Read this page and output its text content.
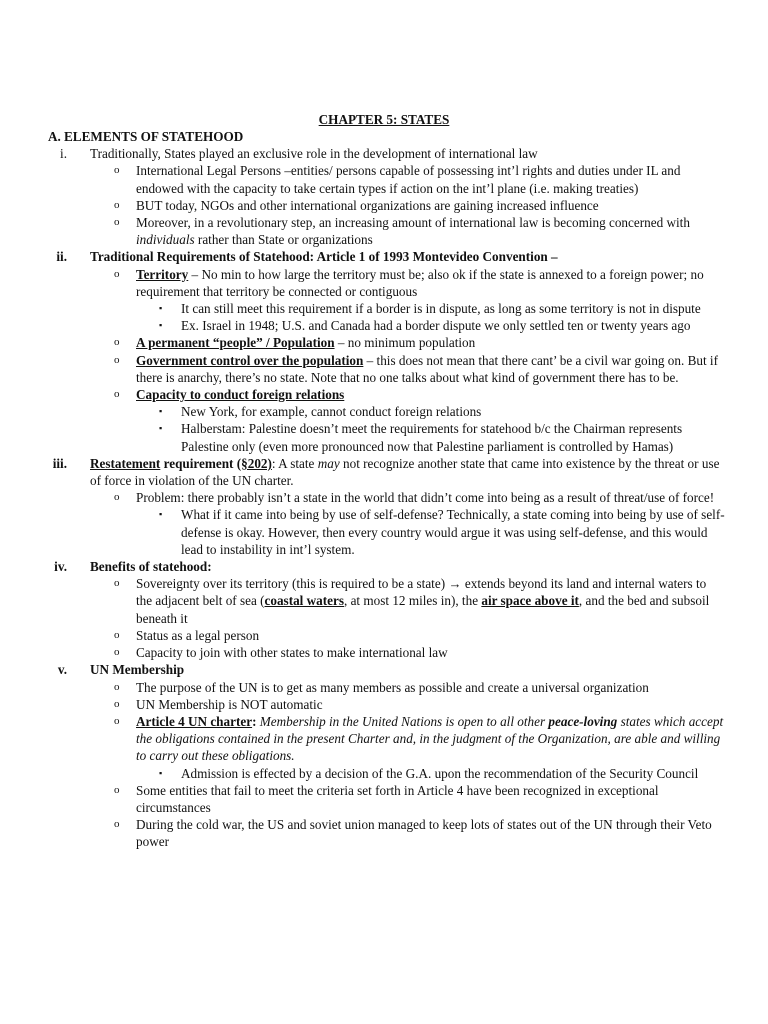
CHAPTER 5: STATES
A. ELEMENTS OF STATEHOOD
i.	Traditionally, States played an exclusive role in the development of international law
o	International Legal Persons –entities/ persons capable of possessing int’l rights and duties under IL and endowed with the capacity to take certain types if action on the int’l plane (i.e. making treaties)
o	BUT today, NGOs and other international organizations are gaining increased influence
o	Moreover, in a revolutionary step, an increasing amount of international law is becoming concerned with individuals rather than State or organizations
ii.	Traditional Requirements of Statehood: Article 1 of 1993 Montevideo Convention –
o	Territory – No min to how large the territory must be; also ok if the state is annexed to a foreign power; no requirement that territory be connected or contiguous
▪	It can still meet this requirement if a border is in dispute, as long as some territory is not in dispute
▪	Ex. Israel in 1948; U.S. and Canada had a border dispute we only settled ten or twenty years ago
o	A permanent “people” / Population – no minimum population
o	Government control over the population – this does not mean that there cant’ be a civil war going on. But if there is anarchy, there’s no state. Note that no one talks about what kind of government there has to be.
o	Capacity to conduct foreign relations
▪	New York, for example, cannot conduct foreign relations
▪	Halberstam: Palestine doesn’t meet the requirements for statehood b/c the Chairman represents Palestine only (even more pronounced now that Palestine parliament is controlled by Hamas)
iii.	Restatement requirement (§202): A state may not recognize another state that came into existence by the threat or use of force in violation of the UN charter.
o	Problem: there probably isn’t a state in the world that didn’t come into being as a result of threat/use of force!
▪	What if it came into being by use of self-defense? Technically, a state coming into being by use of self-defense is okay. However, then every country would argue it was using self-defense, and this would lead to instability in int’l system.
iv.	Benefits of statehood:
o	Sovereignty over its territory (this is required to be a state) → extends beyond its land and internal waters to the adjacent belt of sea (coastal waters, at most 12 miles in), the air space above it, and the bed and subsoil beneath it
o	Status as a legal person
o	Capacity to join with other states to make international law
v.	UN Membership
o	The purpose of the UN is to get as many members as possible and create a universal organization
o	UN Membership is NOT automatic
o	Article 4 UN charter: Membership in the United Nations is open to all other peace-loving states which accept the obligations contained in the present Charter and, in the judgment of the Organization, are able and willing to carry out these obligations.
▪	Admission is effected by a decision of the G.A. upon the recommendation of the Security Council
o	Some entities that fail to meet the criteria set forth in Article 4 have been recognized in exceptional circumstances
o	During the cold war, the US and soviet union managed to keep lots of states out of the UN through their Veto power
